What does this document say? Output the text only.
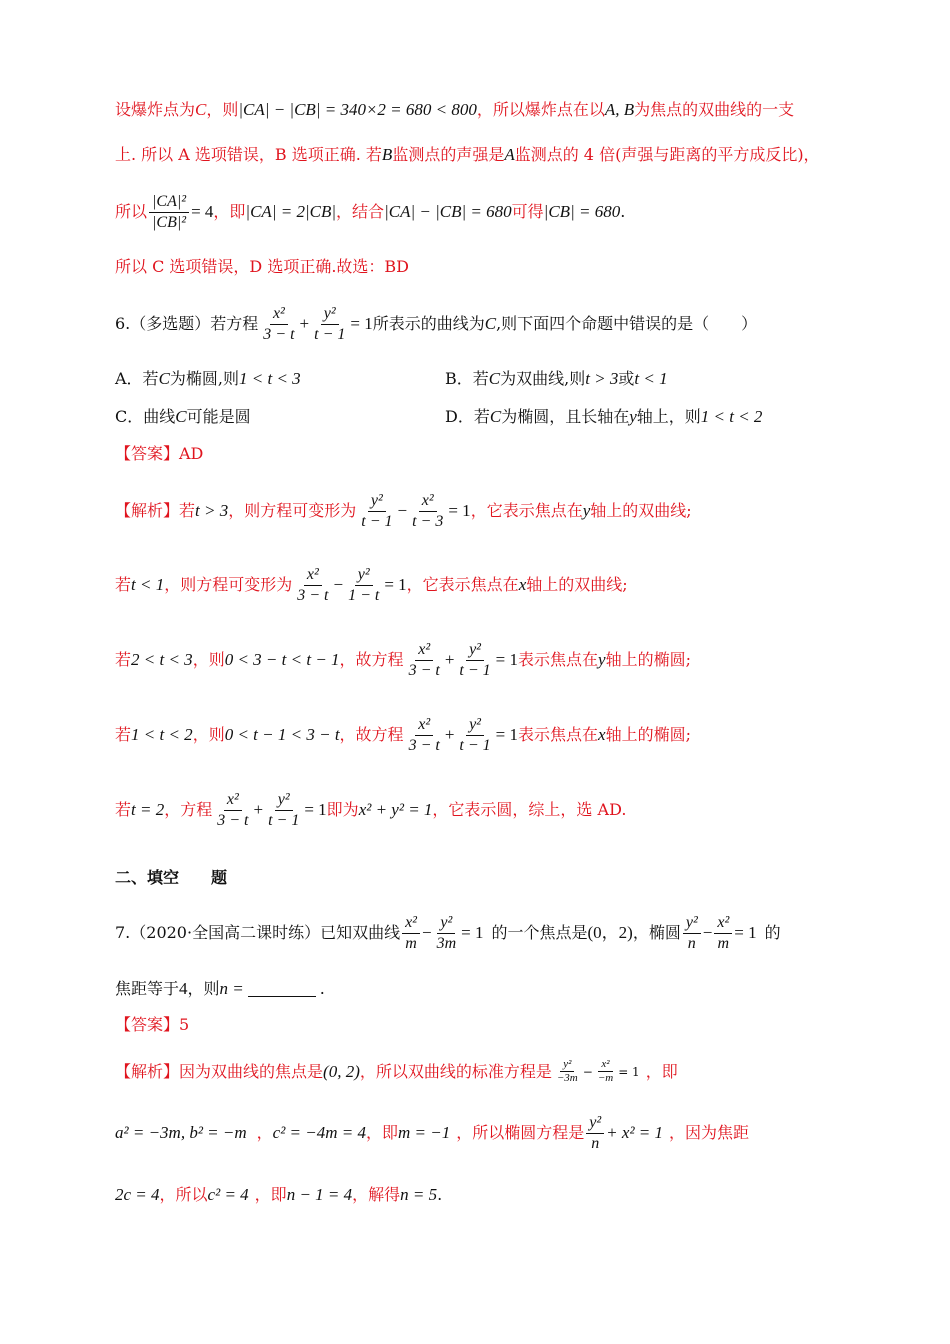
设爆炸点为 C ，则 |CA| − |CB| = 340×2 = 680 < 800 ，所以爆炸点在以 A, B 为焦点的双曲线的一支
上. 所以 A 选项错误，B 选项正确. 若 B 监测点的声强是 A 监测点的 4 倍(声强与距离的平方成反比)，
所以 $\frac{\text{|CA|²}}{\text{|CB|²}} = 4$ ，即 |CA| = 2|CB| ，结合 |CA| − |CB| = 680 可得 |CB| = 680 .
所以 C 选项错误，D 选项正确.故选：BD
6.（多选题）若方程 $\frac{\text{x²}}{3 - t} + \frac{\text{y²}}{t - 1} = 1$ 所表示的曲线为 C ,则下面四个命题中错误的是（　　）
A．若C为椭圆,则1 < t < 3	B．若C为双曲线,则t > 3或t < 1
C．曲线C可能是圆	D．若C为椭圆，且长轴在y轴上，则1 < t < 2
【答案】AD
【解析】 若 t > 3 ，则方程可变形为 $\frac{\text{y²}}{t - 1} - \frac{\text{x²}}{t - 3} = 1$ ，它表示焦点在 y 轴上的双曲线;
若 t < 1 ，则方程可变形为 $\frac{\text{x²}}{3 - t} - \frac{\text{y²}}{1 - t} = 1$ ，它表示焦点在 x 轴上的双曲线;
若 2 < t < 3 ，则 0 < 3 − t < t − 1 ，故方程 $\frac{\text{x²}}{3 - t} + \frac{\text{y²}}{t - 1} = 1$ 表示焦点在 y 轴上的椭圆;
若 1 < t < 2 ，则 0 < t − 1 < 3 − t ，故方程 $\frac{\text{x²}}{3 - t} + \frac{\text{y²}}{t - 1} = 1$ 表示焦点在 x 轴上的椭圆;
若 t = 2 ，方程 $\frac{\text{x²}}{3 - t} + \frac{\text{y²}}{t - 1} = 1$ 即为 x² + y² = 1 ，它表示圆，综上，选 AD.
二、填空　　题
7.（2020·全国高二课时练）已知双曲线 $\frac{\text{x²}}{m} - \frac{\text{y²}}{3m} = 1$ 的一个焦点是 (0，2) ，椭圆 $\frac{\text{y²}}{n} - \frac{\text{x²}}{m} = 1$ 的
焦距等于 4 ，则 n =	.
【答案】5
【解析】 因为双曲线的焦点是 (0, 2) ，所以双曲线的标准方程是 $\frac{\text{y²}}{-3m} - \frac{\text{x²}}{-m} = 1$ ，即
a² = −3m, b² = −m ， c² = −4m = 4 ，即 m = −1 ，所以椭圆方程是 $\frac{\text{y²}}{n} + x^2 = 1$ ，因为焦距
2c = 4 ，所以 c² = 4 ，即 n − 1 = 4 ，解得 n = 5 .
